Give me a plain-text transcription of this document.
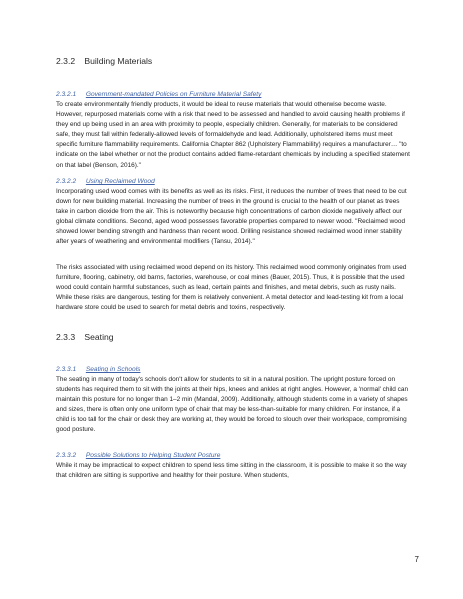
2.3.2 Building Materials
2.3.2.1 Government-mandated Policies on Furniture Material Safety

To create environmentally friendly products, it would be ideal to reuse materials that would otherwise become waste. However, repurposed materials come with a risk that need to be assessed and handled to avoid causing health problems if they end up being used in an area with proximity to people, especially children. Generally, for materials to be considered safe, they must fall within federally-allowed levels of formaldehyde and lead. Additionally, upholstered items must meet specific furniture flammability requirements. California Chapter 862 (Upholstery Flammability) requires a manufacturer… "to indicate on the label whether or not the product contains added flame-retardant chemicals by including a specified statement on that label (Benson, 2016)."

2.3.2.2 Using Reclaimed Wood

Incorporating used wood comes with its benefits as well as its risks. First, it reduces the number of trees that need to be cut down for new building material. Increasing the number of trees in the ground is crucial to the health of our planet as trees take in carbon dioxide from the air. This is noteworthy because high concentrations of carbon dioxide negatively affect our global climate conditions. Second, aged wood possesses favorable properties compared to newer wood. "Reclaimed wood showed lower bending strength and hardness than recent wood. Drilling resistance showed reclaimed wood inner stability after years of weathering and environmental modifiers (Tansu, 2014)."

The risks associated with using reclaimed wood depend on its history. This reclaimed wood commonly originates from used furniture, flooring, cabinetry, old barns, factories, warehouse, or coal mines (Bauer, 2015). Thus, it is possible that the used wood could contain harmful substances, such as lead, certain paints and finishes, and metal debris, such as rusty nails. While these risks are dangerous, testing for them is relatively convenient. A metal detector and lead-testing kit from a local hardware store could be used to search for metal debris and toxins, respectively.

2.3.3 Seating
2.3.3.1 Seating in Schools

The seating in many of today's schools don't allow for students to sit in a natural position. The upright posture forced on students has required them to sit with the joints at their hips, knees and ankles at right angles. However, a 'normal' child can maintain this posture for no longer than 1–2 min (Mandal, 2009). Additionally, although students come in a variety of shapes and sizes, there is often only one uniform type of chair that may be less-than-suitable for many children. For instance, if a child is too tall for the chair or desk they are working at, they would be forced to slouch over their workspace, compromising good posture.

2.3.3.2 Possible Solutions to Helping Student Posture

While it may be impractical to expect children to spend less time sitting in the classroom, it is possible to make it so the way that children are sitting is supportive and healthy for their posture. When students,

7
